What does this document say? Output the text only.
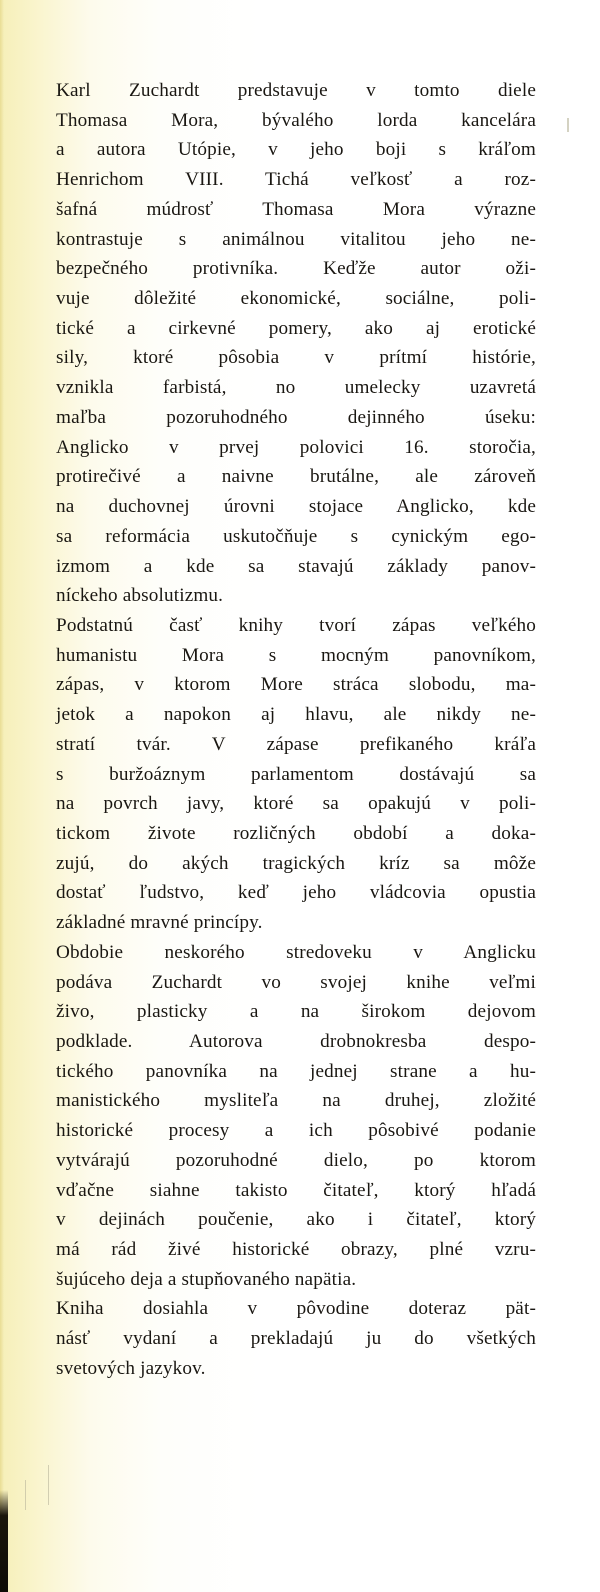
Karl Zuchardt predstavuje v tomto diele
Thomasa Mora, bývalého lorda kancelára
a autora Utópie, v jeho boji s kráľom
Henrichom VIII. Tichá veľkosť a roz-
šafná múdrosť Thomasa Mora výrazne
kontrastuje s animálnou vitalitou jeho ne-
bezpečného protivníka. Keďže autor oži-
vuje dôležité ekonomické, sociálne, poli-
tické a cirkevné pomery, ako aj erotické
sily, ktoré pôsobia v prítmí histórie,
vznikla farbistá, no umelecky uzavretá
maľba pozoruhodného dejinného úseku:
Anglicko v prvej polovici 16. storočia,
protirečivé a naivne brutálne, ale zároveň
na duchovnej úrovni stojace Anglicko, kde
sa reformácia uskutočňuje s cynickým ego-
izmom a kde sa stavajú základy panov-
níckeho absolutizmu.
Podstatnú časť knihy tvorí zápas veľkého
humanistu Mora s mocným panovníkom,
zápas, v ktorom More stráca slobodu, ma-
jetok a napokon aj hlavu, ale nikdy ne-
stratí tvár. V zápase prefikaného kráľa
s buržoáznym parlamentom dostávajú sa
na povrch javy, ktoré sa opakujú v poli-
tickom živote rozličných období a doka-
zujú, do akých tragických kríz sa môže
dostať ľudstvo, keď jeho vládcovia opustia
základné mravné princípy.
Obdobie neskorého stredoveku v Anglicku
podáva Zuchardt vo svojej knihe veľmi
živo, plasticky a na širokom dejovom
podklade. Autorova drobnokresba despo-
tického panovníka na jednej strane a hu-
manistického mysliteľa na druhej, zložité
historické procesy a ich pôsobivé podanie
vytvárajú pozoruhodné dielo, po ktorom
vďačne siahne takisto čitateľ, ktorý hľadá
v dejinách poučenie, ako i čitateľ, ktorý
má rád živé historické obrazy, plné vzru-
šujúceho deja a stupňovaného napätia.
Kniha dosiahla v pôvodine doteraz pät-
násť vydaní a prekladajú ju do všetkých
svetových jazykov.
